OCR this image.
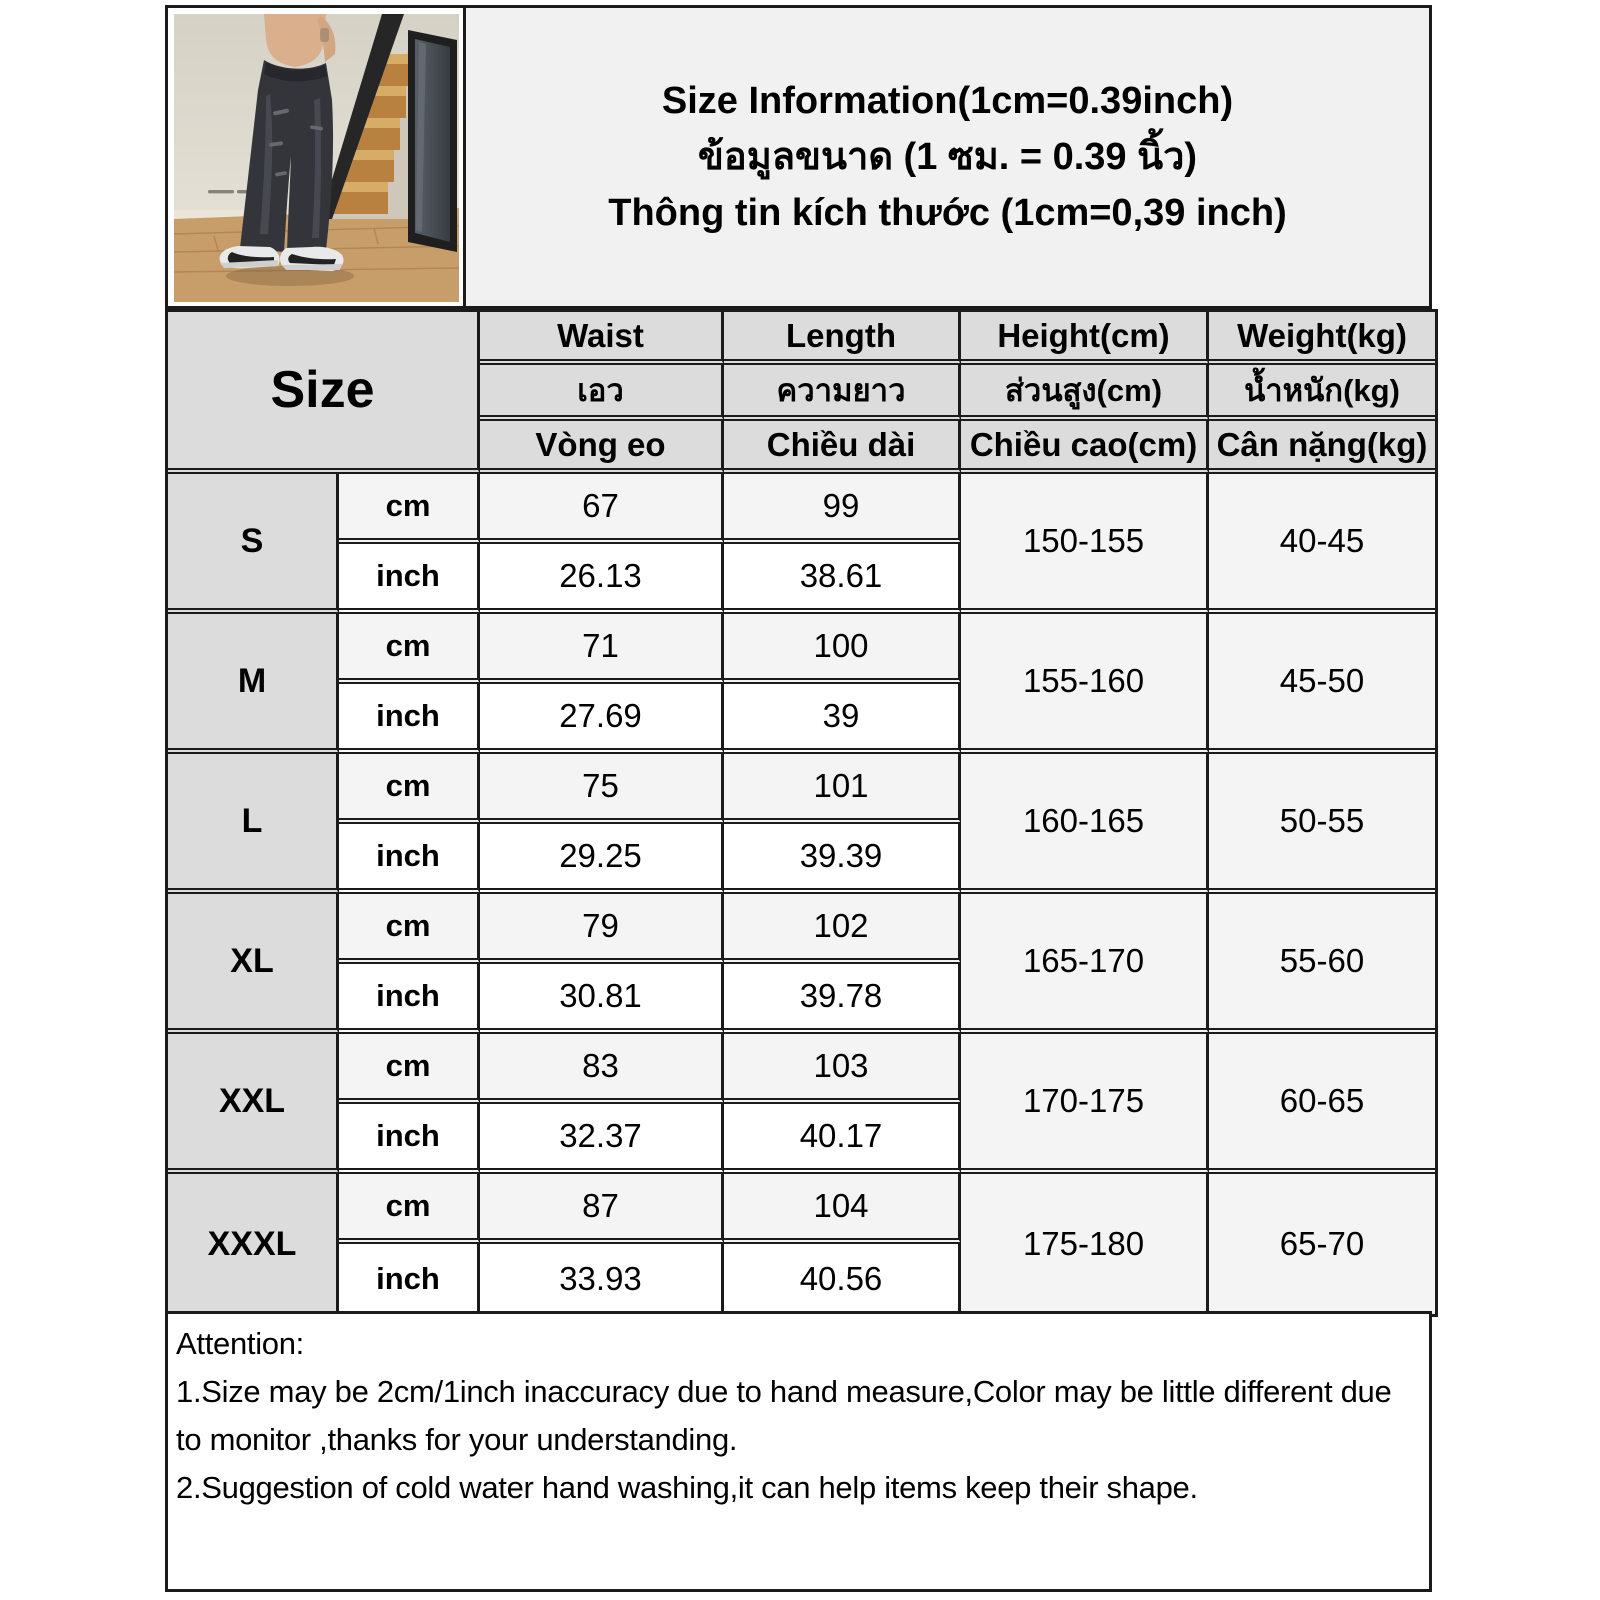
Size Information(1cm=0.39inch)
ข้อมูลขนาด (1 ซม. = 0.39 นิ้ว)
Thông tin kích thước (1cm=0,39 inch)
Size		Waist	Length	Height(cm)	Weight(kg)
		เอว	ความยาว	ส่วนสูง(cm)	น้ำหนัก(kg)
		Vòng eo	Chiều dài	Chiều cao(cm)	Cân nặng(kg)
S	cm	67	99	150-155	40-45
	inch	26.13	38.61		
M	cm	71	100	155-160	45-50
	inch	27.69	39		
L	cm	75	101	160-165	50-55
	inch	29.25	39.39		
XL	cm	79	102	165-170	55-60
	inch	30.81	39.78		
XXL	cm	83	103	170-175	60-65
	inch	32.37	40.17		
XXXL	cm	87	104	175-180	65-70
	inch	33.93	40.56		
Attention:
1.Size may be 2cm/1inch inaccuracy due to hand measure,Color may be little different due to monitor ,thanks for your understanding.
2.Suggestion of cold water hand washing,it can help items keep their shape.
